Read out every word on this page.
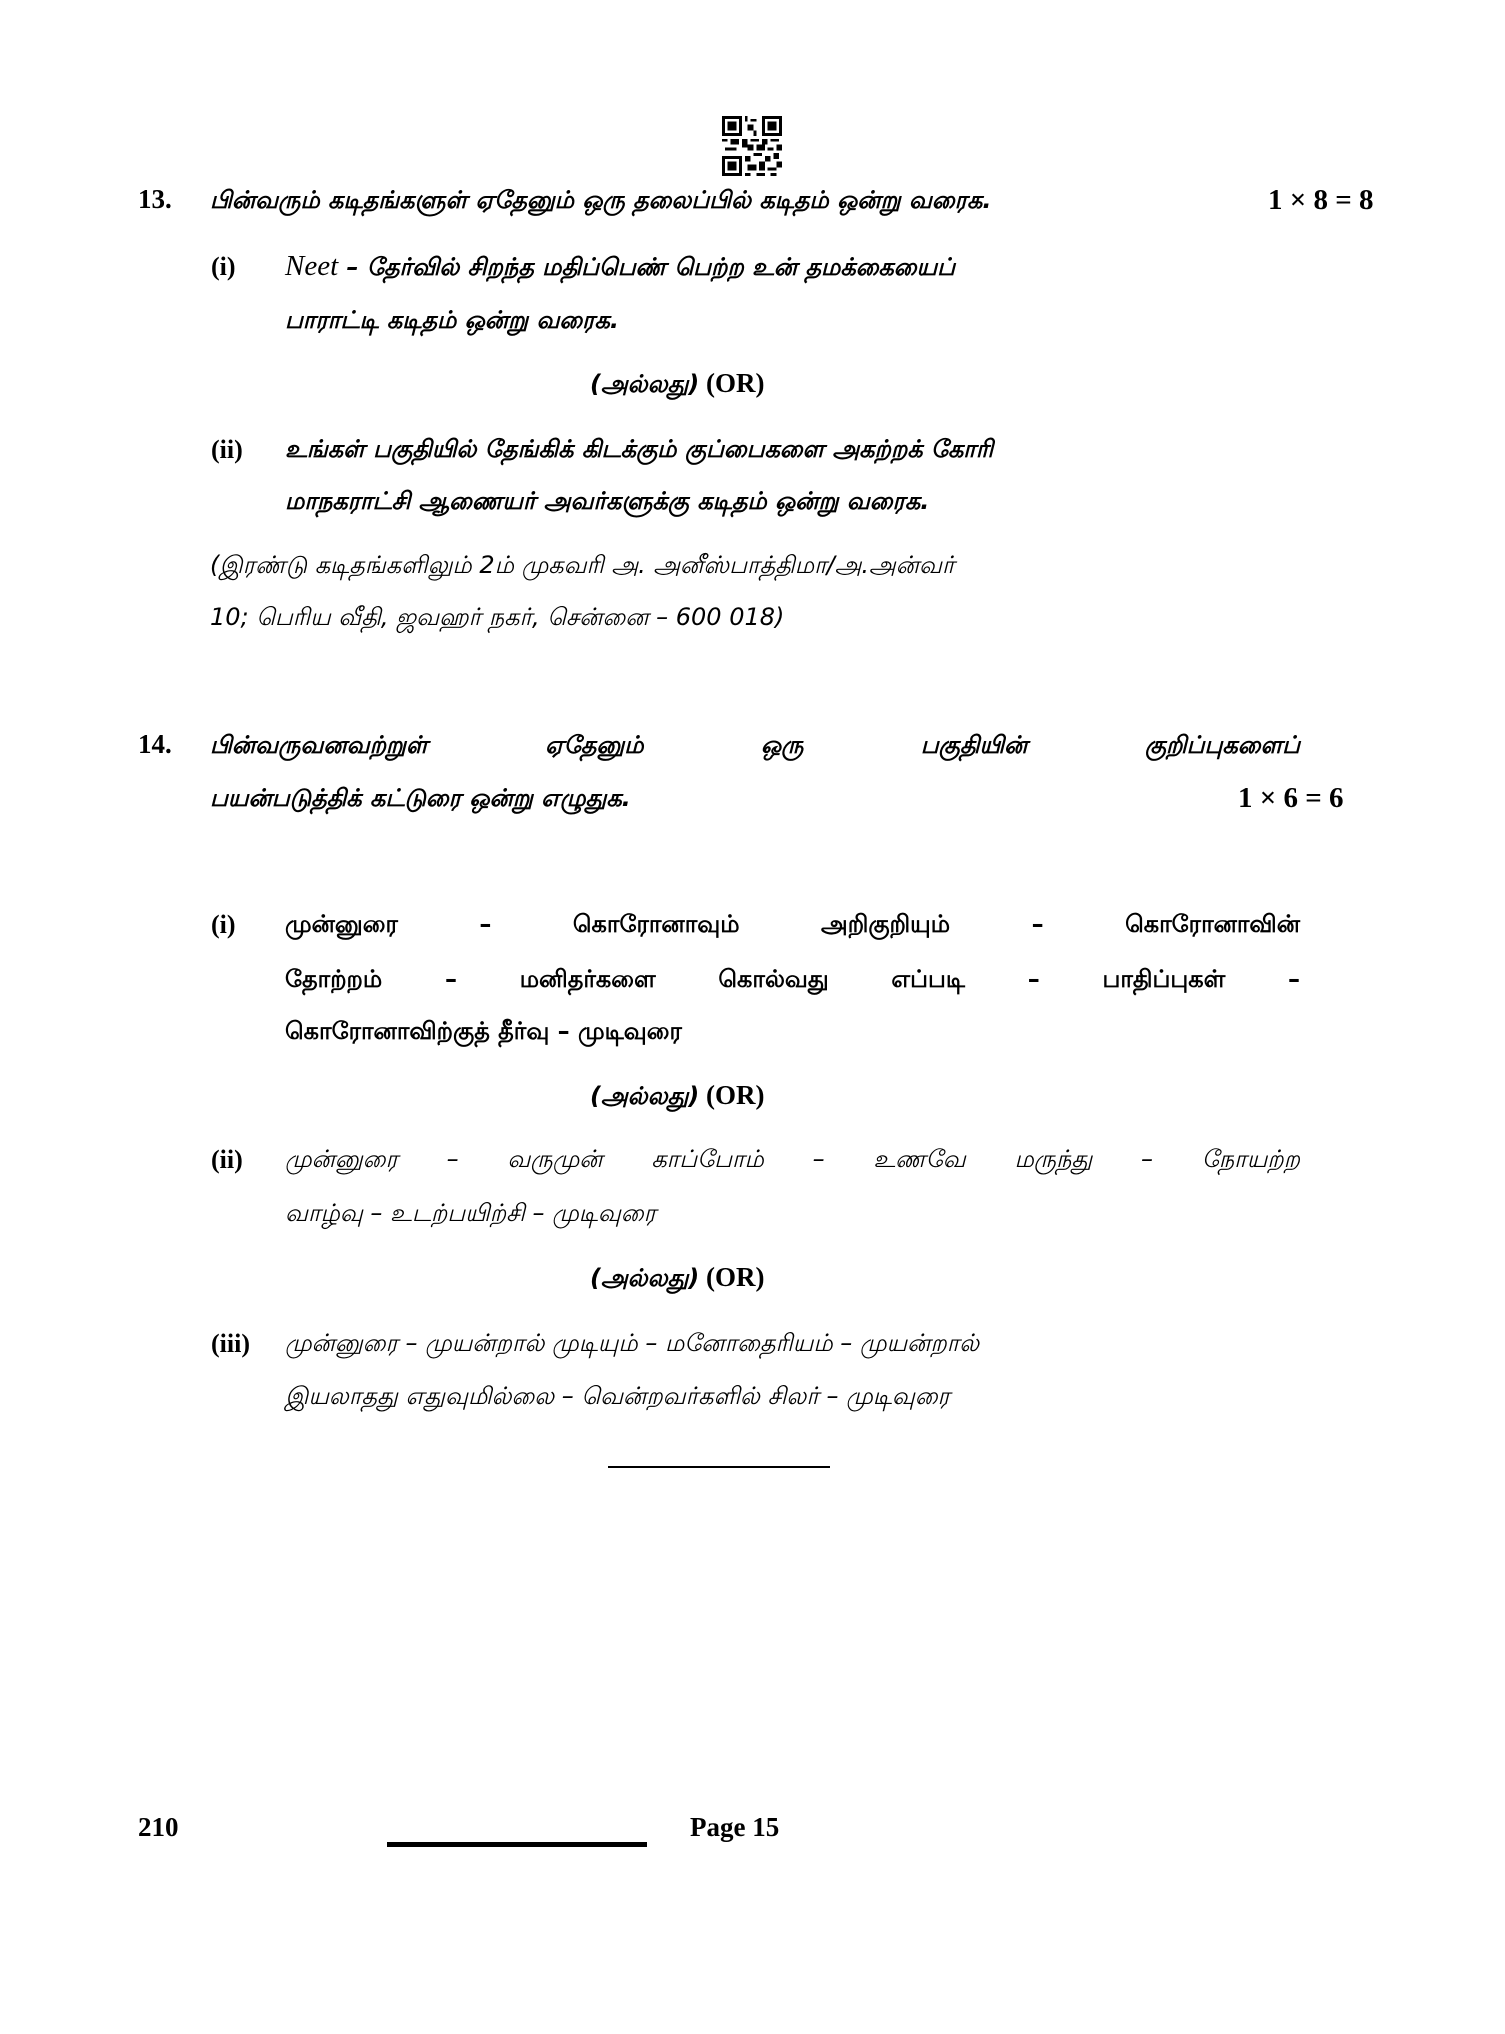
13. பின்வரும் கடிதங்களுள் ஏதேனும் ஒரு தலைப்பில் கடிதம் ஒன்று வரைக.	1 × 8 = 8
(i) Neet – தேர்வில் சிறந்த மதிப்பெண் பெற்ற உன் தமக்கையைப்
பாராட்டி கடிதம் ஒன்று வரைக.
(அல்லது) (OR)
(ii) உங்கள் பகுதியில் தேங்கிக் கிடக்கும் குப்பைகளை அகற்றக் கோரி
மாநகராட்சி ஆணையர் அவர்களுக்கு கடிதம் ஒன்று வரைக.
(இரண்டு கடிதங்களிலும் 2ம் முகவரி அ. அனீஸ்பாத்திமா/அ.அன்வர்
10; பெரிய வீதி, ஜவஹர் நகர், சென்னை – 600 018)
14. பின்வருவனவற்றுள்	ஏதேனும்	ஒரு	பகுதியின்	குறிப்புகளைப்
பயன்படுத்திக் கட்டுரை ஒன்று எழுதுக.	1 × 6 = 6
(i) முன்னுரை	–	கொரோனாவும்	அறிகுறியும்	–	கொரோனாவின்
தோற்றம்	–	மனிதர்களை	கொல்வது	எப்படி	–	பாதிப்புகள்	–
கொரோனாவிற்குத் தீர்வு – முடிவுரை
(அல்லது) (OR)
(ii) முன்னுரை – வருமுன் காப்போம் – உணவே மருந்து – நோயற்ற
வாழ்வு – உடற்பயிற்சி – முடிவுரை
(அல்லது) (OR)
(iii) முன்னுரை – முயன்றால் முடியும் – மனோதைரியம் – முயன்றால்
இயலாதது எதுவுமில்லை – வென்றவர்களில் சிலர் – முடிவுரை
210	Page 15
